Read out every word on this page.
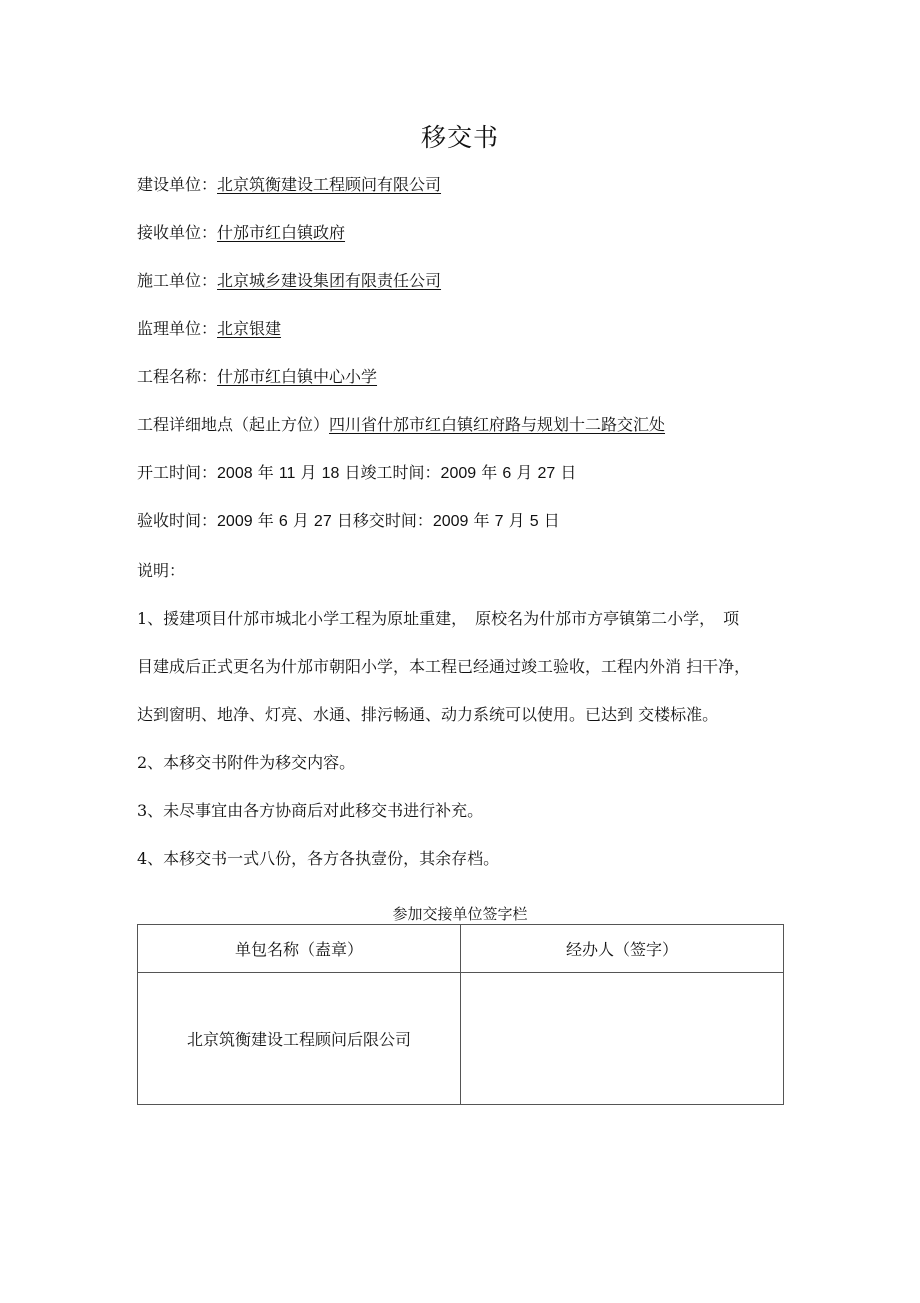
移交书
建设单位：北京筑衡建设工程顾问有限公司
接收单位：什邡市红白镇政府
施工单位：北京城乡建设集团有限责任公司
监理单位：北京银建
工程名称：什邡市红白镇中心小学
工程详细地点（起止方位）四川省什邡市红白镇红府路与规划十二路交汇处
开工时间：2008 年 11 月 18 日竣工时间：2009 年 6 月 27 日
验收时间：2009 年 6 月 27 日移交时间：2009 年 7 月 5 日
说明：
1、援建项目什邡市城北小学工程为原址重建，　原校名为什邡市方亭镇第二小学，　项
目建成后正式更名为什邡市朝阳小学，本工程已经通过竣工验收，工程内外消 扫干净，
达到窗明、地净、灯亮、水通、排污畅通、动力系统可以使用。已达到 交楼标准。
2、本移交书附件为移交内容。
3、未尽事宜由各方协商后对此移交书进行补充。
4、本移交书一式八份，各方各执壹份，其余存档。
参加交接单位签字栏
单包名称（盍章）	经办人（签字）
北京筑衡建设工程顾问后限公司	
